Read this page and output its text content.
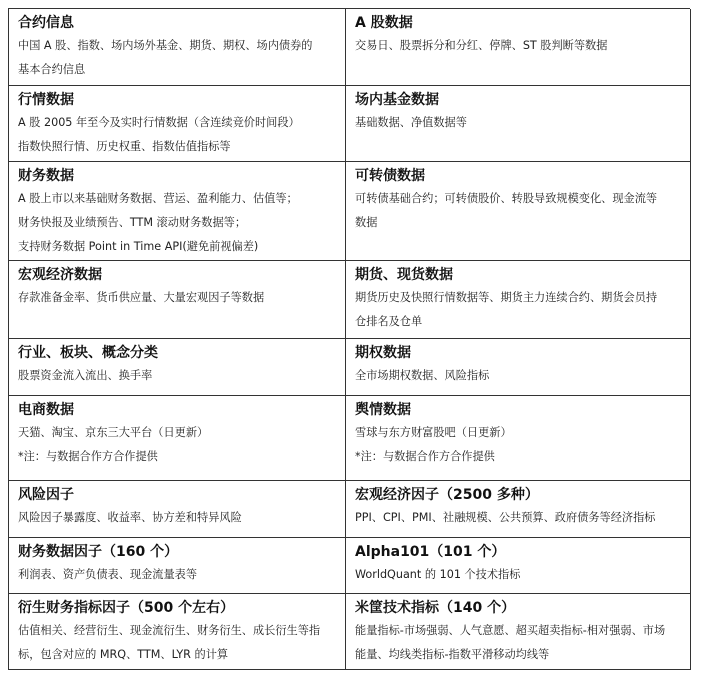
合约信息

中国 A 股、指数、场内场外基金、期货、期权、场内债券的

基本合约信息

A 股数据

交易日、股票拆分和分红、停牌、ST 股判断等数据

行情数据

A 股 2005 年至今及实时行情数据（含连续竞价时间段）

指数快照行情、历史权重、指数估值指标等

场内基金数据

基础数据、净值数据等

财务数据

A 股上市以来基础财务数据、营运、盈利能力、估值等；

财务快报及业绩预告、TTM 滚动财务数据等；

支持财务数据 Point in Time API(避免前视偏差)

可转债数据

可转债基础合约；可转债股价、转股导致规模变化、现金流等

数据

宏观经济数据

存款准备金率、货币供应量、大量宏观因子等数据

期货、现货数据

期货历史及快照行情数据等、期货主力连续合约、期货会员持

仓排名及仓单

行业、板块、概念分类

股票资金流入流出、换手率

期权数据

全市场期权数据、风险指标

电商数据

天猫、淘宝、京东三大平台（日更新）

*注：与数据合作方合作提供

舆情数据

雪球与东方财富股吧（日更新）

*注：与数据合作方合作提供

风险因子

风险因子暴露度、收益率、协方差和特异风险

宏观经济因子（2500 多种）

PPI、CPI、PMI、社融规模、公共预算、政府债务等经济指标

财务数据因子（160 个）

利润表、资产负债表、现金流量表等

Alpha101（101 个）

WorldQuant 的 101 个技术指标

衍生财务指标因子（500 个左右）

估值相关、经营衍生、现金流衍生、财务衍生、成长衍生等指

标，包含对应的 MRQ、TTM、LYR 的计算

米筐技术指标（140 个）

能量指标-市场强弱、人气意愿、超买超卖指标-相对强弱、市场

能量、均线类指标-指数平滑移动均线等
